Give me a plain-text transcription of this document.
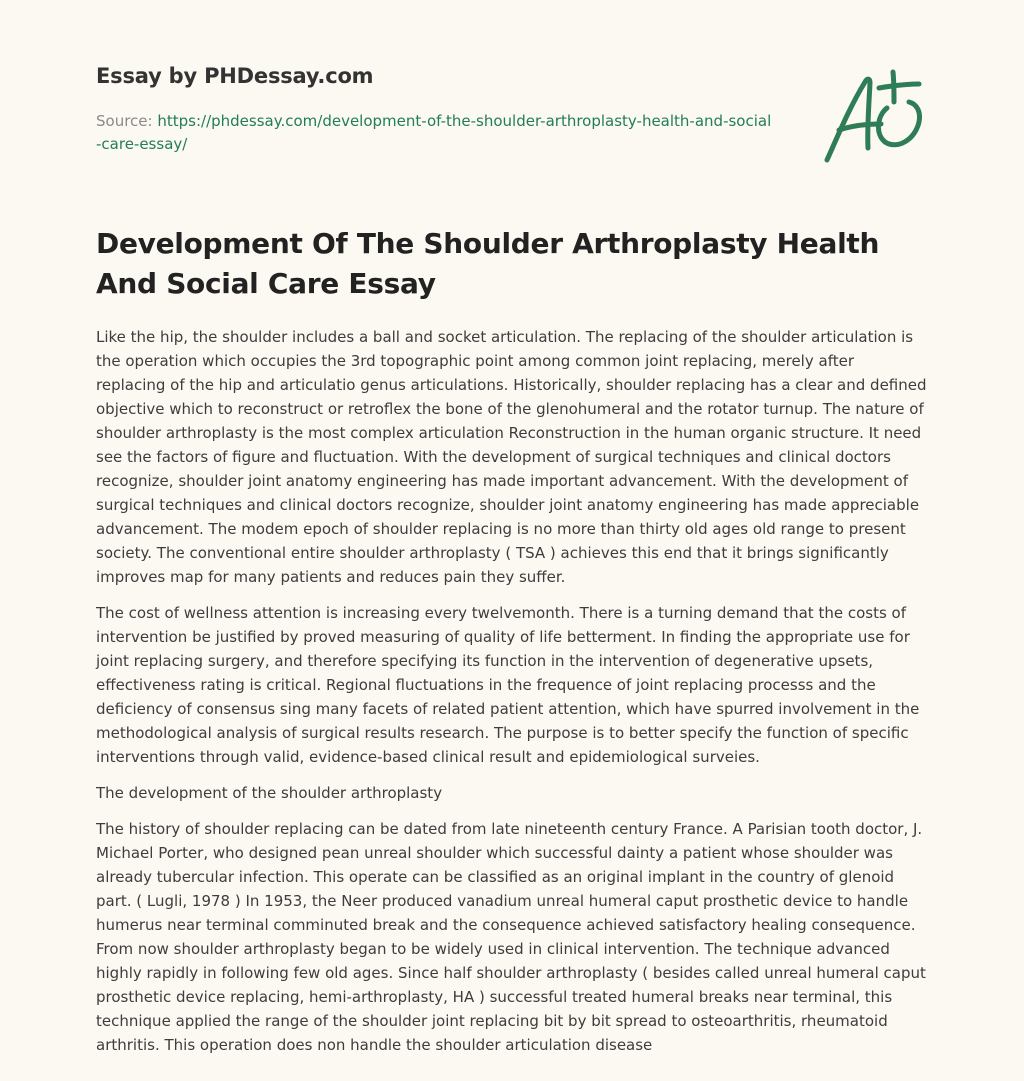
Essay by PHDessay.com
Source: https://phdessay.com/development-of-the-shoulder-arthroplasty-health-and-social-care-essay/
Development Of The Shoulder Arthroplasty Health And Social Care Essay

Like the hip, the shoulder includes a ball and socket articulation. The replacing of the shoulder articulation is the operation which occupies the 3rd topographic point among common joint replacing, merely after replacing of the hip and articulatio genus articulations. Historically, shoulder replacing has a clear and defined objective which to reconstruct or retroflex the bone of the glenohumeral and the rotator turnup. The nature of shoulder arthroplasty is the most complex articulation Reconstruction in the human organic structure. It need see the factors of figure and fluctuation. With the development of surgical techniques and clinical doctors recognize, shoulder joint anatomy engineering has made important advancement. With the development of surgical techniques and clinical doctors recognize, shoulder joint anatomy engineering has made appreciable advancement. The modem epoch of shoulder replacing is no more than thirty old ages old range to present society. The conventional entire shoulder arthroplasty ( TSA ) achieves this end that it brings significantly improves map for many patients and reduces pain they suffer.

The cost of wellness attention is increasing every twelvemonth. There is a turning demand that the costs of intervention be justified by proved measuring of quality of life betterment. In finding the appropriate use for joint replacing surgery, and therefore specifying its function in the intervention of degenerative upsets, effectiveness rating is critical. Regional fluctuations in the frequence of joint replacing processs and the deficiency of consensus sing many facets of related patient attention, which have spurred involvement in the methodological analysis of surgical results research. The purpose is to better specify the function of specific interventions through valid, evidence-based clinical result and epidemiological surveies.

The development of the shoulder arthroplasty

The history of shoulder replacing can be dated from late nineteenth century France. A Parisian tooth doctor, J. Michael Porter, who designed pean unreal shoulder which successful dainty a patient whose shoulder was already tubercular infection. This operate can be classified as an original implant in the country of glenoid part. ( Lugli, 1978 ) In 1953, the Neer produced vanadium unreal humeral caput prosthetic device to handle humerus near terminal comminuted break and the consequence achieved satisfactory healing consequence. From now shoulder arthroplasty began to be widely used in clinical intervention. The technique advanced highly rapidly in following few old ages. Since half shoulder arthroplasty ( besides called unreal humeral caput prosthetic device replacing, hemi-arthroplasty, HA ) successful treated humeral breaks near terminal, this technique applied the range of the shoulder joint replacing bit by bit spread to osteoarthritis, rheumatoid arthritis. This operation does non handle the shoulder articulation disease
